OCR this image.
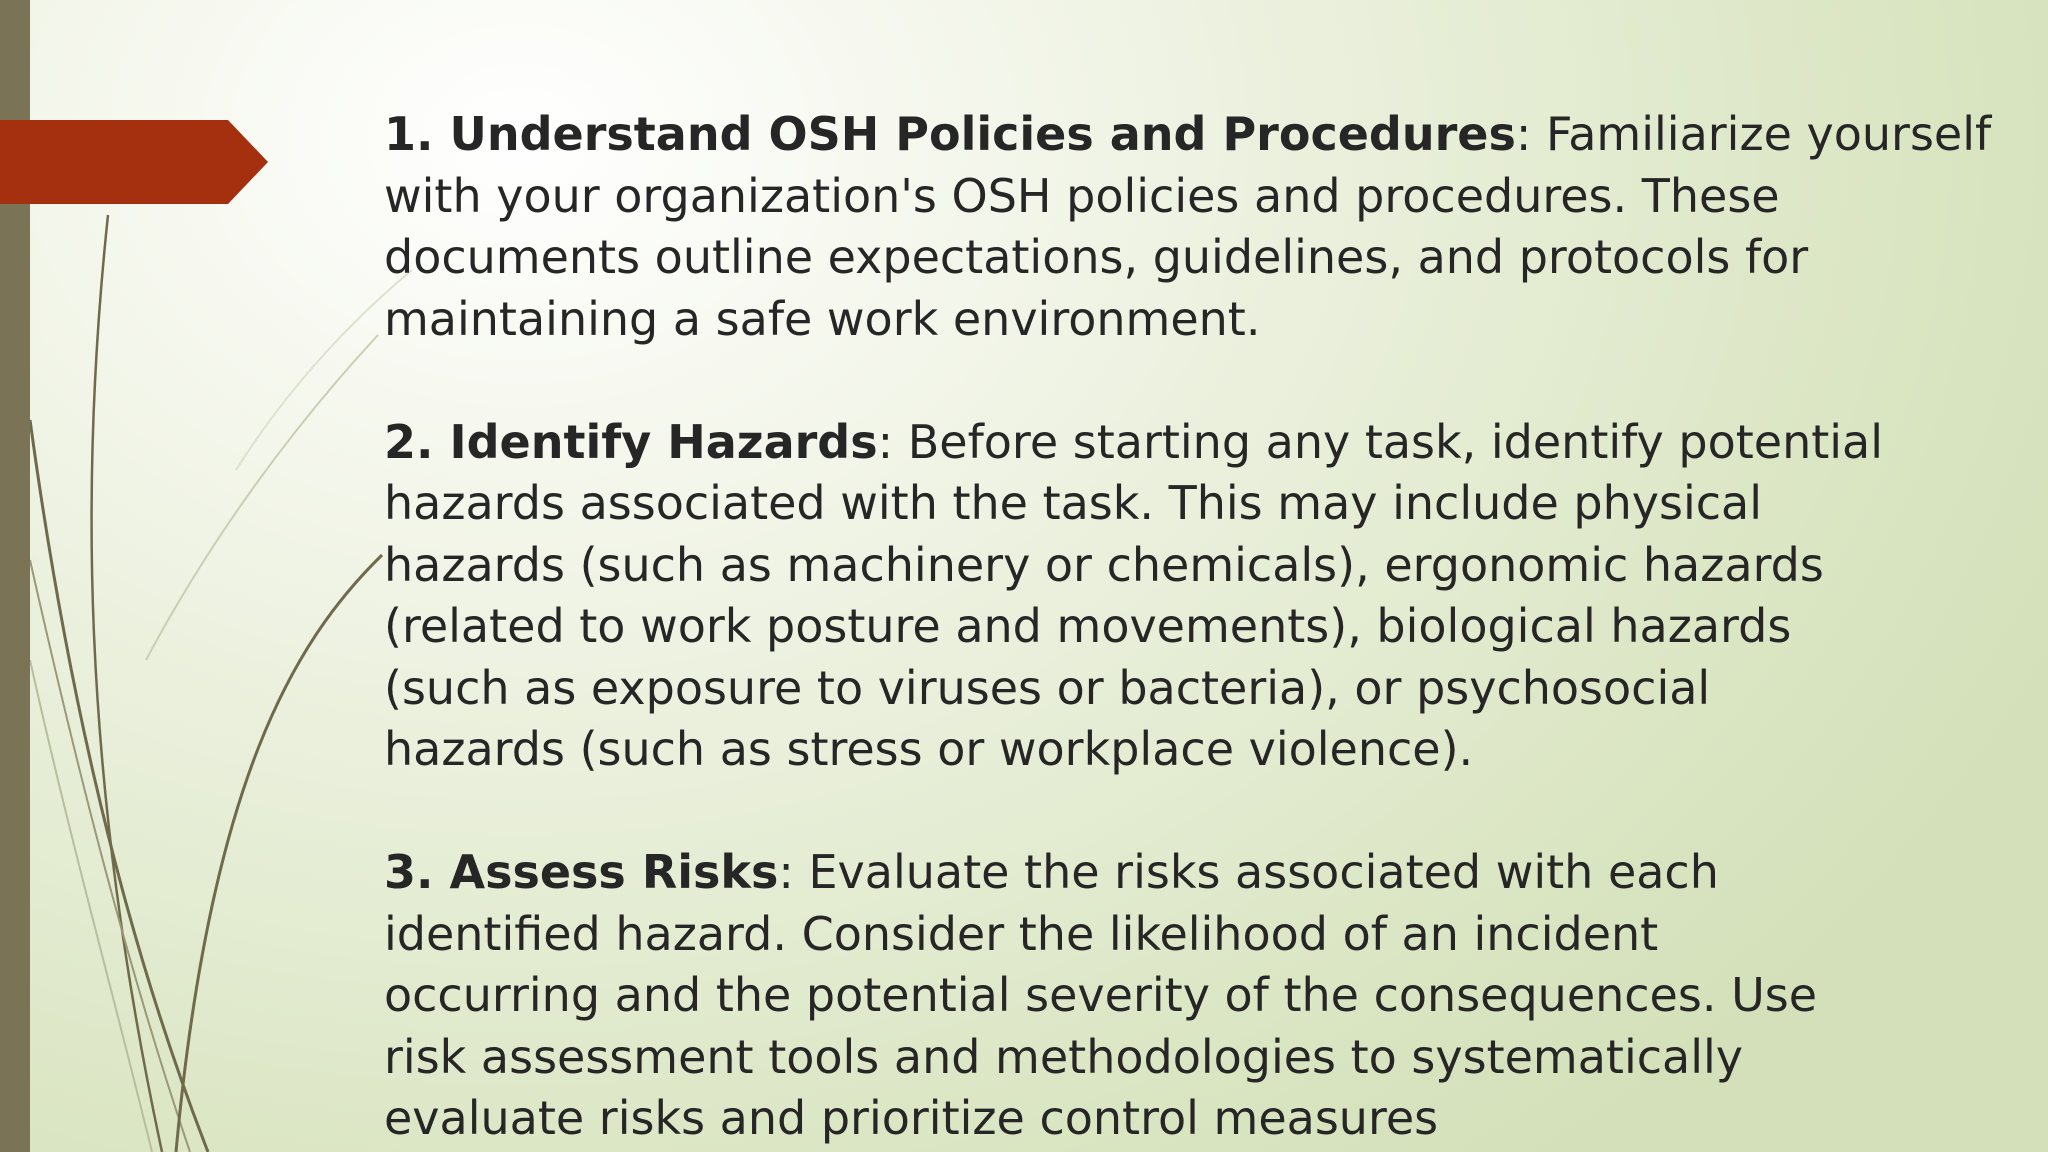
1. Understand OSH Policies and Procedures: Familiarize yourself
with your organization's OSH policies and procedures. These
documents outline expectations, guidelines, and protocols for
maintaining a safe work environment.

2. Identify Hazards: Before starting any task, identify potential
hazards associated with the task. This may include physical
hazards (such as machinery or chemicals), ergonomic hazards
(related to work posture and movements), biological hazards
(such as exposure to viruses or bacteria), or psychosocial
hazards (such as stress or workplace violence).

3. Assess Risks: Evaluate the risks associated with each
identified hazard. Consider the likelihood of an incident
occurring and the potential severity of the consequences. Use
risk assessment tools and methodologies to systematically
evaluate risks and prioritize control measures
